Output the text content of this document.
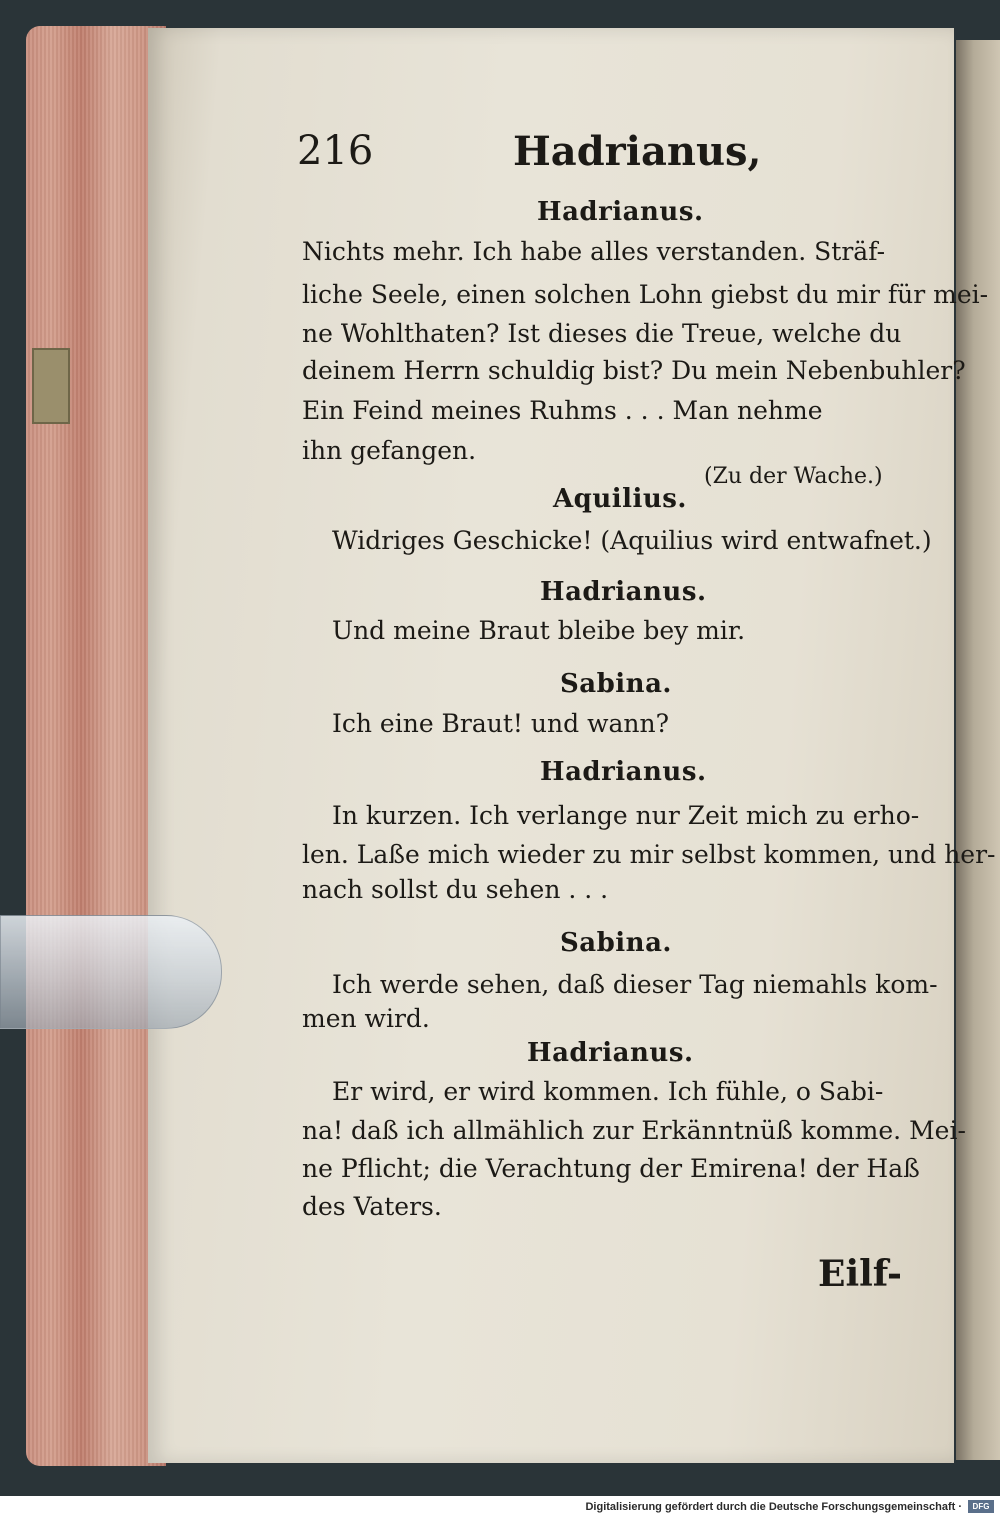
216	Hadrianus,
Hadrianus.
Nichts mehr. Ich habe alles verstanden. Sträf-
liche Seele, einen solchen Lohn giebst du mir für mei-
ne Wohlthaten? Ist dieses die Treue, welche du
deinem Herrn schuldig bist? Du mein Nebenbuhler?
Ein Feind meines Ruhms . . . Man nehme
ihn gefangen.
(Zu der Wache.)
Aquilius.
Widriges Geschicke! (Aquilius wird entwafnet.)
Hadrianus.
Und meine Braut bleibe bey mir.
Sabina.
Ich eine Braut! und wann?
Hadrianus.
In kurzen. Ich verlange nur Zeit mich zu erho-
len. Laße mich wieder zu mir selbst kommen, und her-
nach sollst du sehen . . .
Sabina.
Ich werde sehen, daß dieser Tag niemahls kom-
men wird.
Hadrianus.
Er wird, er wird kommen. Ich fühle, o Sabi-
na! daß ich allmählich zur Erkänntnüß komme. Mei-
ne Pflicht; die Verachtung der Emirena! der Haß
des Vaters.
Eilf-
Digitalisierung gefördert durch die Deutsche Forschungsgemeinschaft ·	DFG
